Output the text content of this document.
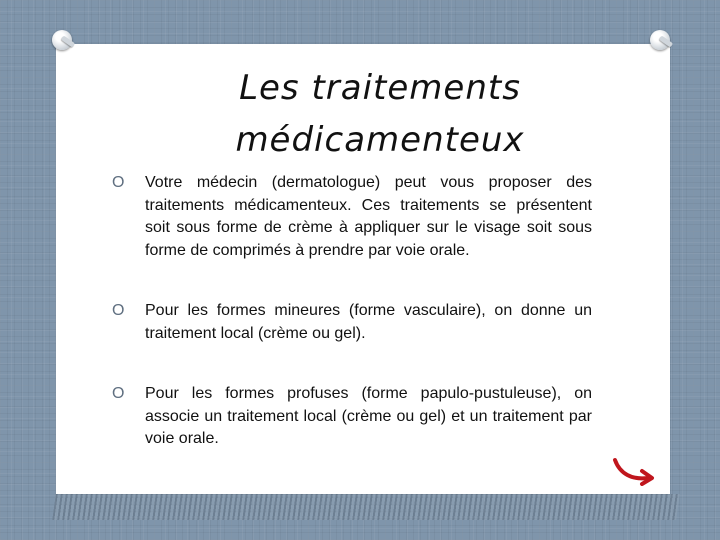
Les traitements
médicamenteux
O Votre médecin (dermatologue) peut vous proposer des traitements médicamenteux. Ces traitements se présentent soit sous forme de crème à appliquer sur le visage soit sous forme de comprimés à prendre par voie orale.
O Pour les formes mineures (forme vasculaire), on donne un traitement local (crème ou gel).
O Pour les formes profuses (forme papulo-pustuleuse), on associe un traitement local (crème ou gel) et un traitement par voie orale.
